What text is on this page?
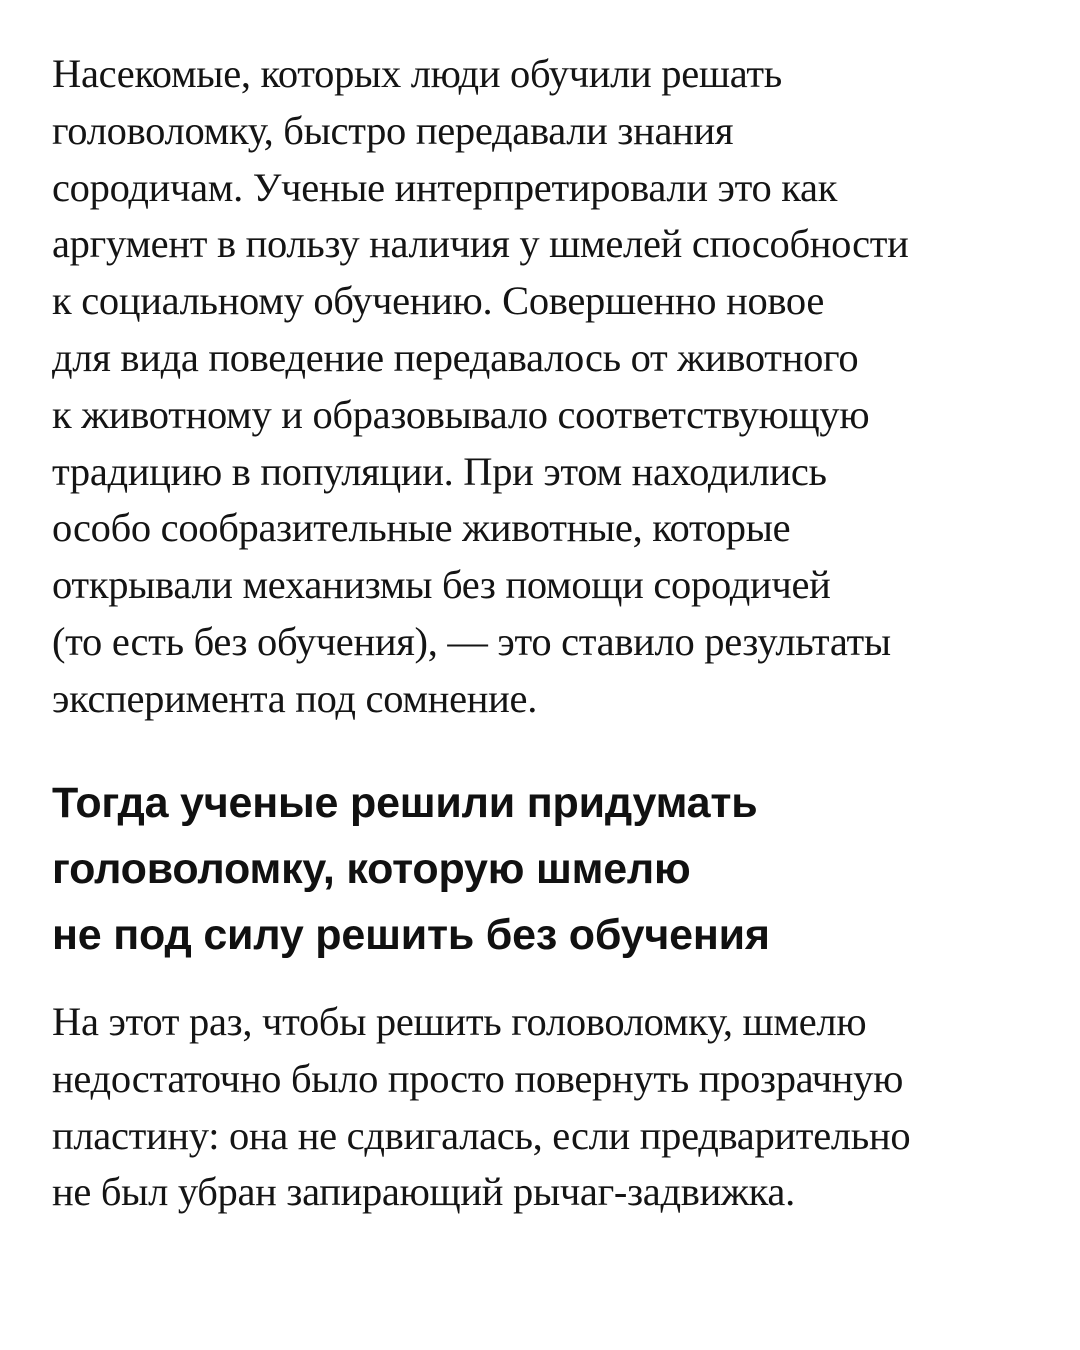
Насекомые, которых люди обучили решать
головоломку, быстро передавали знания
сородичам. Ученые интерпретировали это как
аргумент в пользу наличия у шмелей способности
к социальному обучению. Совершенно новое
для вида поведение передавалось от животного
к животному и образовывало соответствующую
традицию в популяции. При этом находились
особо сообразительные животные, которые
открывали механизмы без помощи сородичей
(то есть без обучения), — это ставило результаты
эксперимента под сомнение.

Тогда ученые решили придумать
головоломку, которую шмелю
не под силу решить без обучения

На этот раз, чтобы решить головоломку, шмелю
недостаточно было просто повернуть прозрачную
пластину: она не сдвигалась, если предварительно
не был убран запирающий рычаг-задвижка.
